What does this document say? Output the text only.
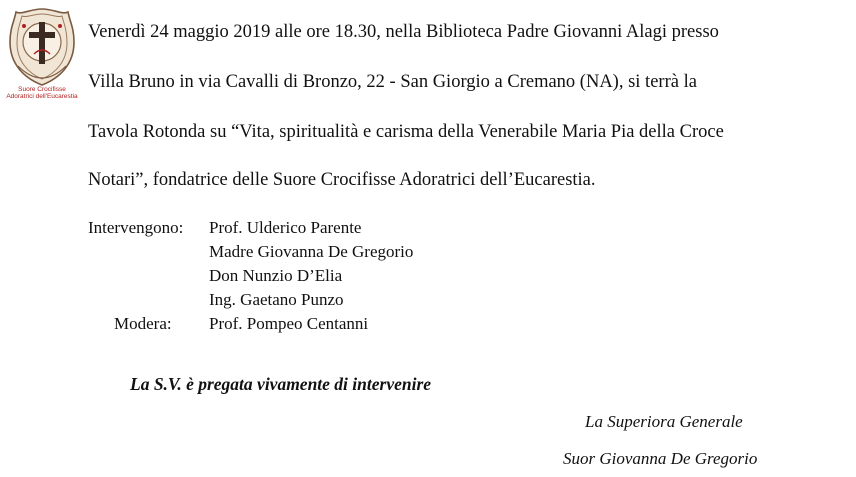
Suore Crocifisse
Adoratrici dell'Eucarestia
Venerdì 24 maggio 2019 alle ore 18.30, nella Biblioteca Padre Giovanni Alagi presso
Villa Bruno in via Cavalli di Bronzo, 22 - San Giorgio a Cremano (NA), si terrà la
Tavola Rotonda su “Vita, spiritualità e carisma della Venerabile Maria Pia della Croce
Notari”, fondatrice delle Suore Crocifisse Adoratrici dell’Eucarestia.
Intervengono: Prof. Ulderico Parente
Madre Giovanna De Gregorio
Don Nunzio D’Elia
Ing. Gaetano Punzo
Modera: Prof. Pompeo Centanni
La S.V. è pregata vivamente di intervenire
La Superiora Generale
Suor Giovanna De Gregorio
